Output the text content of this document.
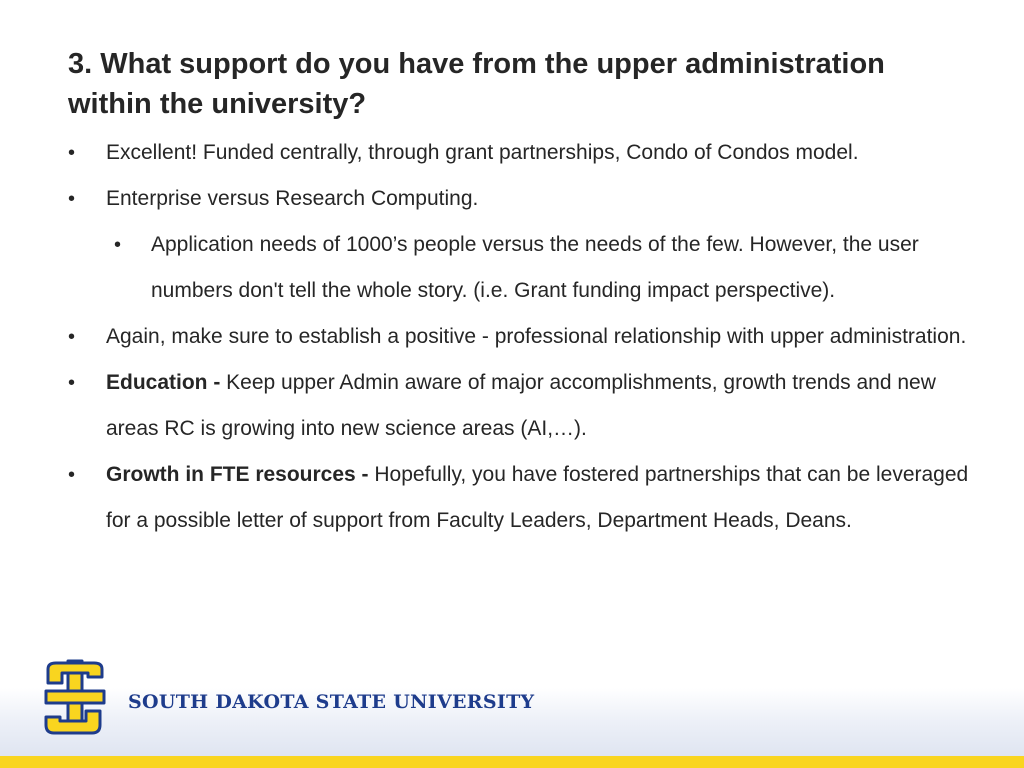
3. What support do you have from the upper administration within the university?
• Excellent! Funded centrally, through grant partnerships, Condo of Condos model.
• Enterprise versus Research Computing.
• Application needs of 1000’s people versus the needs of the few. However, the user numbers don't tell the whole story. (i.e. Grant funding impact perspective).
• Again, make sure to establish a positive - professional relationship with upper administration.
• Education - Keep upper Admin aware of major accomplishments, growth trends and new areas RC is growing into new science areas (AI,…).
• Growth in FTE resources - Hopefully, you have fostered partnerships that can be leveraged for a possible letter of support from Faculty Leaders, Department Heads, Deans.
SOUTH DAKOTA STATE UNIVERSITY
